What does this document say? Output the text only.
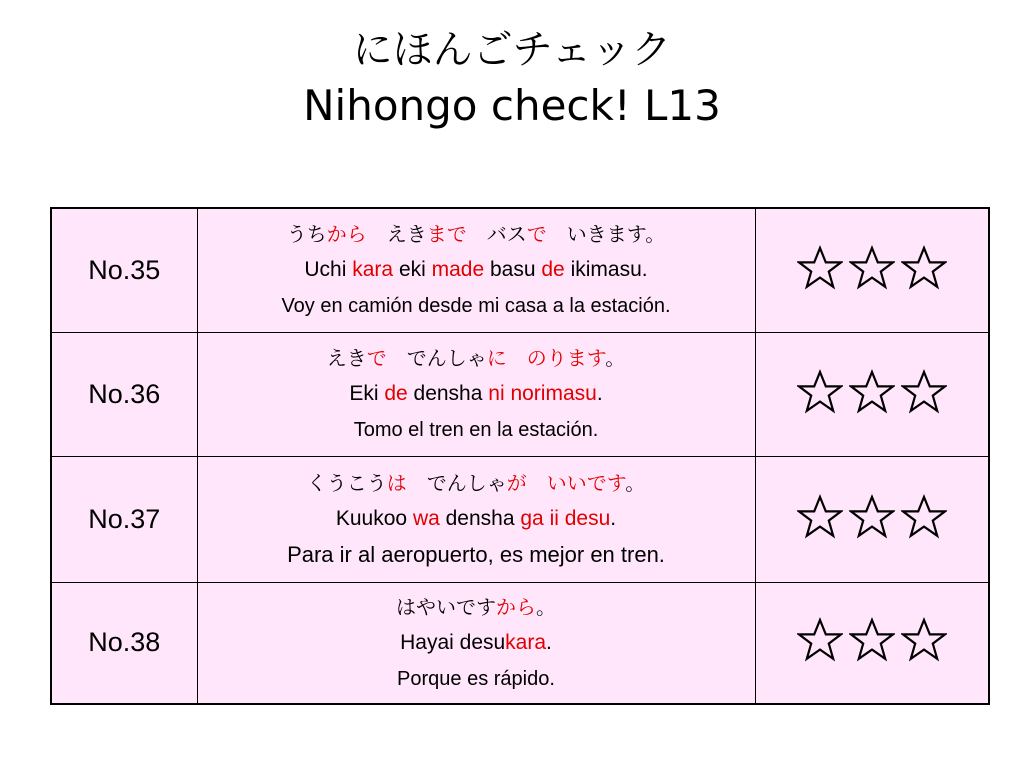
にほんごチェック
Nihongo check! L13
No.35	うちから　えきまで　バスで　いきます。
Uchi kara eki made basu de ikimasu.
Voy en camión desde mi casa a la estación.

No.36	えきで　でんしゃに　のります。
Eki de densha ni norimasu.
Tomo el tren en la estación.

No.37	くうこうは　でんしゃが　いいです。
Kuukoo wa densha ga ii desu.
Para ir al aeropuerto, es mejor en tren.

No.38	はやいですから。
Hayai desukara.
Porque es rápido.
